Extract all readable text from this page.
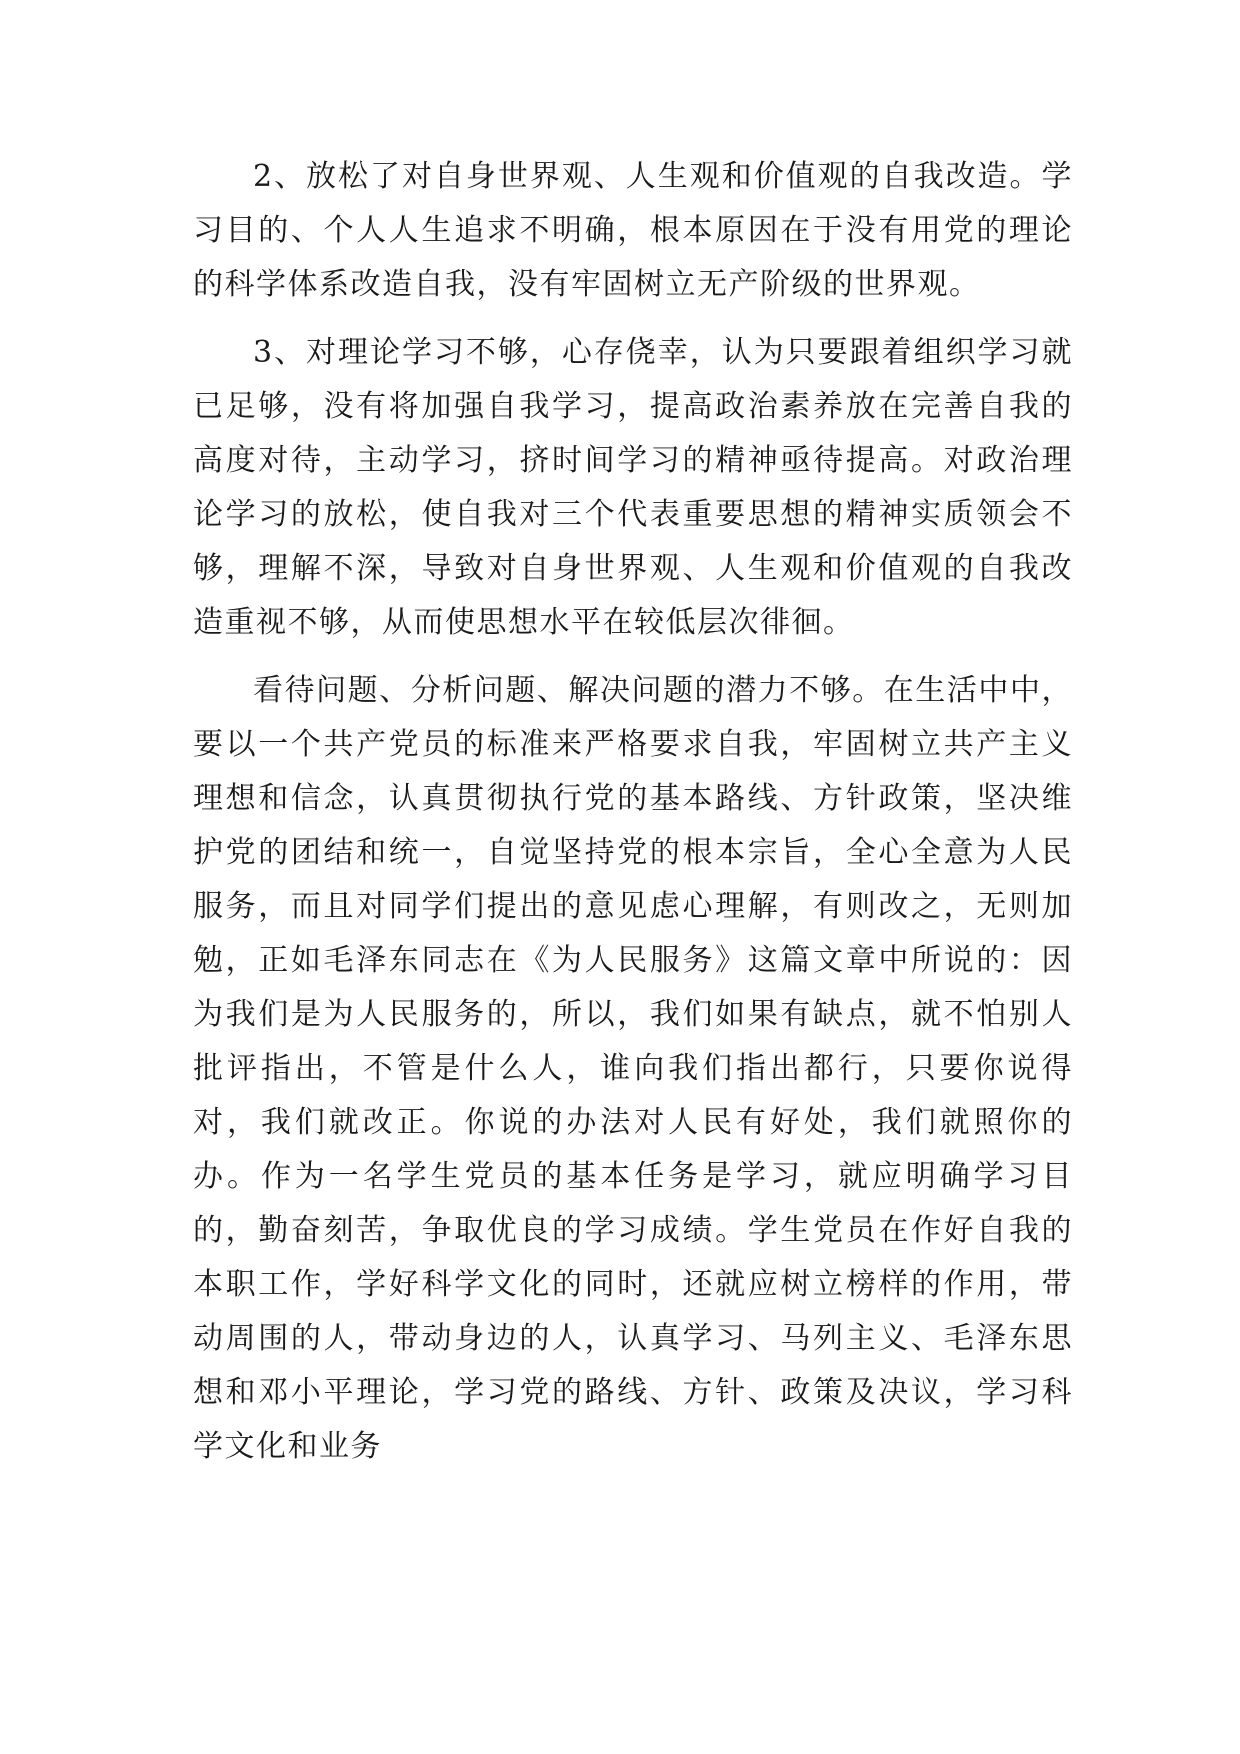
2、放松了对自身世界观、人生观和价值观的自我改造。学习目的、个人人生追求不明确，根本原因在于没有用党的理论的科学体系改造自我，没有牢固树立无产阶级的世界观。

3、对理论学习不够，心存侥幸，认为只要跟着组织学习就已足够，没有将加强自我学习，提高政治素养放在完善自我的高度对待，主动学习，挤时间学习的精神亟待提高。对政治理论学习的放松，使自我对三个代表重要思想的精神实质领会不够，理解不深，导致对自身世界观、人生观和价值观的自我改造重视不够，从而使思想水平在较低层次徘徊。

看待问题、分析问题、解决问题的潜力不够。在生活中中，要以一个共产党员的标准来严格要求自我，牢固树立共产主义理想和信念，认真贯彻执行党的基本路线、方针政策，坚决维护党的团结和统一，自觉坚持党的根本宗旨，全心全意为人民服务，而且对同学们提出的意见虑心理解，有则改之，无则加勉，正如毛泽东同志在《为人民服务》这篇文章中所说的：因为我们是为人民服务的，所以，我们如果有缺点，就不怕别人批评指出，不管是什么人，谁向我们指出都行，只要你说得对，我们就改正。你说的办法对人民有好处，我们就照你的办。作为一名学生党员的基本任务是学习，就应明确学习目的，勤奋刻苦，争取优良的学习成绩。学生党员在作好自我的本职工作，学好科学文化的同时，还就应树立榜样的作用，带动周围的人，带动身边的人，认真学习、马列主义、毛泽东思想和邓小平理论，学习党的路线、方针、政策及决议，学习科学文化和业务
